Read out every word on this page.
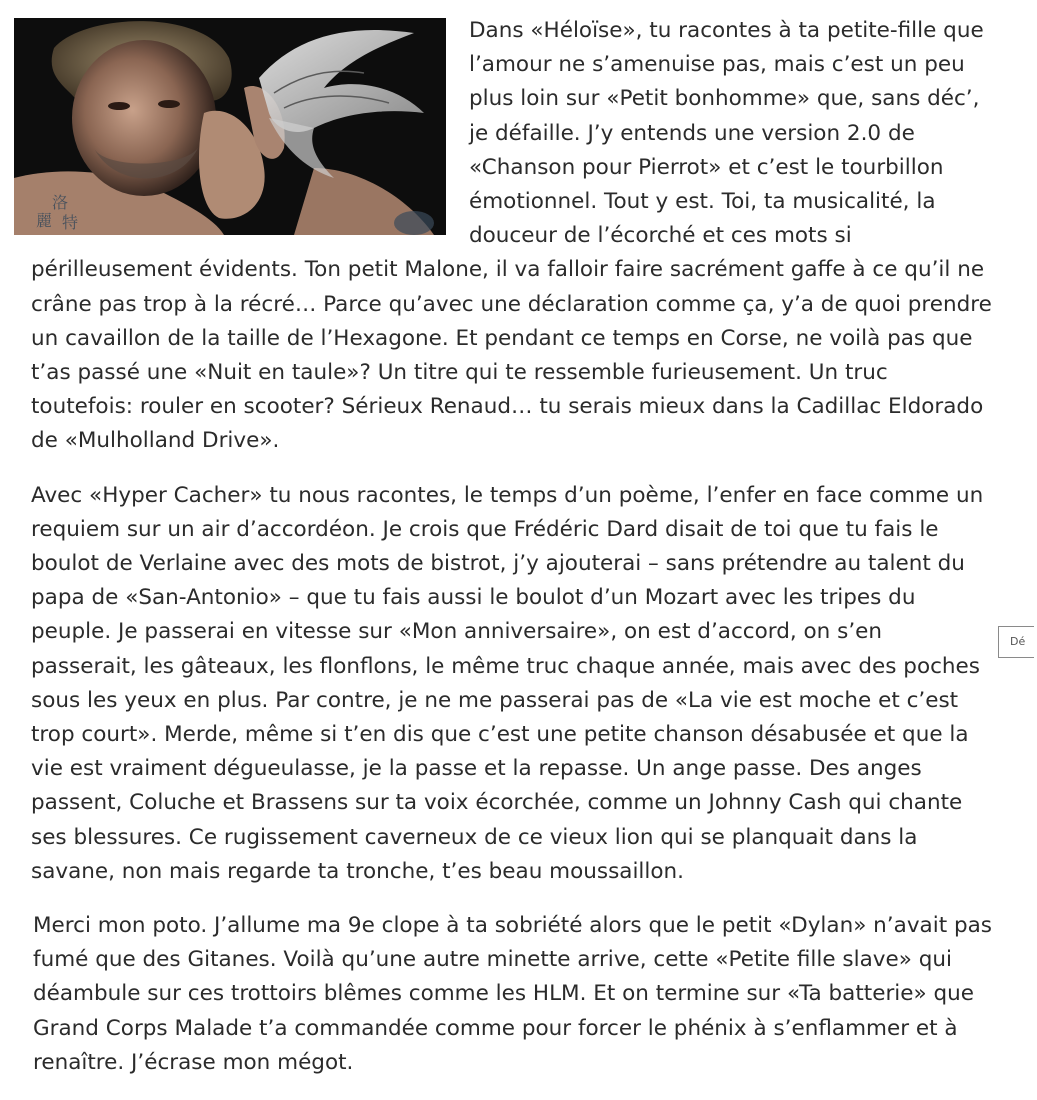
洛
麗 特
Dans «Héloïse», tu racontes à ta petite-fille que l’amour ne s’amenuise pas, mais c’est un peu plus loin sur «Petit bonhomme» que, sans déc’, je défaille. J’y entends une version 2.0 de «Chanson pour Pierrot» et c’est le tourbillon émotionnel. Tout y est. Toi, ta musicalité, la douceur de l’écorché et ces mots si périlleusement évidents. Ton petit Malone, il va falloir faire sacrément gaffe à ce qu’il ne crâne pas trop à la récré… Parce qu’avec une déclaration comme ça, y’a de quoi prendre un cavaillon de la taille de l’Hexagone. Et pendant ce temps en Corse, ne voilà pas que t’as passé une «Nuit en taule»? Un titre qui te ressemble furieusement. Un truc toutefois: rouler en scooter? Sérieux Renaud… tu serais mieux dans la Cadillac Eldorado de «Mulholland Drive».

Avec «Hyper Cacher» tu nous racontes, le temps d’un poème, l’enfer en face comme un requiem sur un air d’accordéon. Je crois que Frédéric Dard disait de toi que tu fais le boulot de Verlaine avec des mots de bistrot, j’y ajouterai – sans prétendre au talent du papa de «San-Antonio» – que tu fais aussi le boulot d’un Mozart avec les tripes du peuple. Je passerai en vitesse sur «Mon anniversaire», on est d’accord, on s’en passerait, les gâteaux, les flonflons, le même truc chaque année, mais avec des poches sous les yeux en plus. Par contre, je ne me passerai pas de «La vie est moche et c’est trop court». Merde, même si t’en dis que c’est une petite chanson désabusée et que la vie est vraiment dégueulasse, je la passe et la repasse. Un ange passe. Des anges passent, Coluche et Brassens sur ta voix écorchée, comme un Johnny Cash qui chante ses blessures. Ce rugissement caverneux de ce vieux lion qui se planquait dans la savane, non mais regarde ta tronche, t’es beau moussaillon.

Merci mon poto. J’allume ma 9e clope à ta sobriété alors que le petit «Dylan» n’avait pas fumé que des Gitanes. Voilà qu’une autre minette arrive, cette «Petite fille slave» qui déambule sur ces trottoirs blêmes comme les HLM. Et on termine sur «Ta batterie» que Grand Corps Malade t’a commandée comme pour forcer le phénix à s’enflammer et à renaître. J’écrase mon mégot.

Dé
